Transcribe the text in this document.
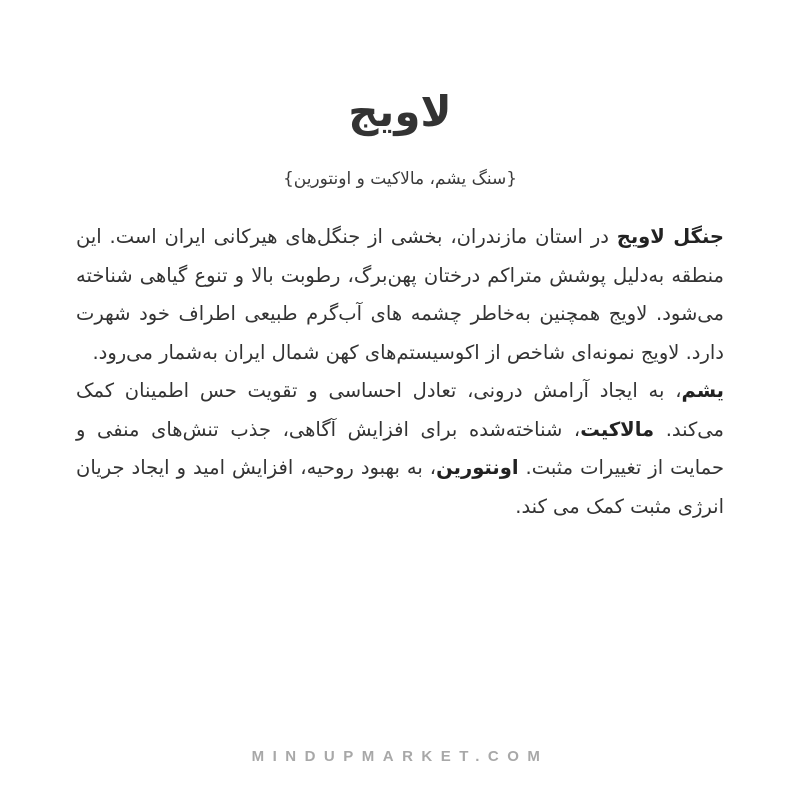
لاویج
{سنگ یشم، مالاکیت و اونتورین}

جنگل لاویج در استان مازندران، بخشی از جنگل‌های هیرکانی ایران است. این منطقه به‌دلیل پوشش متراکم درختان پهن‌برگ، رطوبت بالا و تنوع گیاهی شناخته می‌شود. لاویج همچنین به‌خاطر چشمه های آب‌گرم طبیعی اطراف خود شهرت دارد. لاویج نمونه‌ای شاخص از اکوسیستم‌های کهن شمال ایران به‌شمار می‌رود.

یشم، به ایجاد آرامش درونی، تعادل احساسی و تقویت حس اطمینان کمک می‌کند. مالاکیت، شناخته‌شده برای افزایش آگاهی، جذب تنش‌های منفی و حمایت از تغییرات مثبت. اونتورین، به بهبود روحیه، افزایش امید و ایجاد جریان انرژی مثبت کمک می کند.

MINDUPMARKET.COM
